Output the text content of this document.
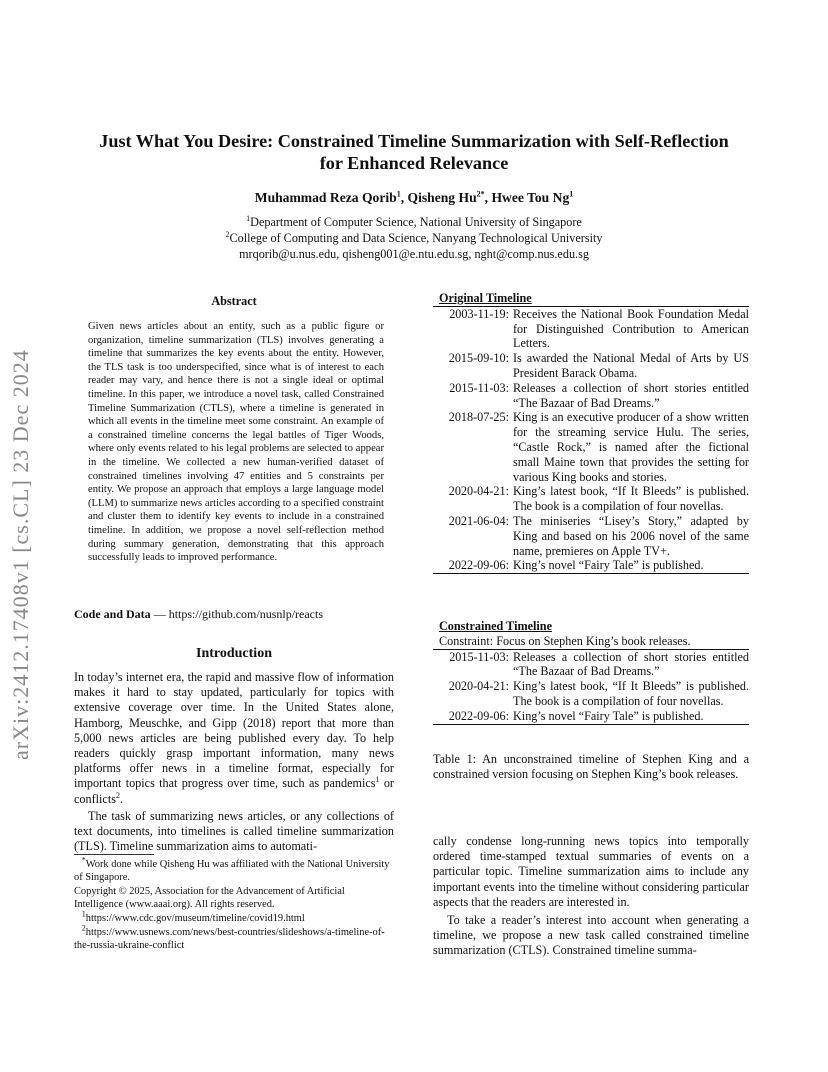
arXiv:2412.17408v1 [cs.CL] 23 Dec 2024
Just What You Desire: Constrained Timeline Summarization with Self-Reflection
for Enhanced Relevance
Muhammad Reza Qorib$^1$, Qisheng $Hu^{2*}$, Hwee Tou Ng$^1$
$^1$Department of Computer Science, National University of Singapore
$^2$College of Computing and Data Science, Nanyang Technological University
mrqorib@u.nus.edu, qisheng001@e.ntu.edu.sg, nght@comp.nus.edu.sg
Abstract
Given news articles about an entity, such as a public figure or organization, timeline summarization (TLS) involves generating a timeline that summarizes the key events about the entity. However, the TLS task is too underspecified, since what is of interest to each reader may vary, and hence there is not a single ideal or optimal timeline. In this paper, we introduce a novel task, called Constrained Timeline Summarization (CTLS), where a timeline is generated in which all events in the timeline meet some constraint. An example of a constrained timeline concerns the legal battles of Tiger Woods, where only events related to his legal problems are selected to appear in the timeline. We collected a new human-verified dataset of constrained timelines involving 47 entities and 5 constraints per entity. We propose an approach that employs a large language model (LLM) to summarize news articles according to a specified constraint and cluster them to identify key events to include in a constrained timeline. In addition, we propose a novel self-reflection method during summary generation, demonstrating that this approach successfully leads to improved performance.
Code and Data — https://github.com/nusnlp/reacts
Introduction

In today’s internet era, the rapid and massive flow of information makes it hard to stay updated, particularly for topics with extensive coverage over time. In the United States alone, Hamborg, Meuschke, and Gipp (2018) report that more than 5,000 news articles are being published every day. To help readers quickly grasp important information, many news platforms offer news in a timeline format, especially for important topics that progress over time, such as pandemics$^1$ or conflicts$^2$.

The task of summarizing news articles, or any collections of text documents, into timelines is called timeline summarization (TLS). Timeline summarization aims to automati-

*Work done while Qisheng Hu was affiliated with the National University of Singapore.
Copyright © 2025, Association for the Advancement of Artificial Intelligence (www.aaai.org). All rights reserved.
$^1$https://www.cdc.gov/museum/timeline/covid19.html
$^2$https://www.usnews.com/news/best-countries/slideshows/a-timeline-of-the-russia-ukraine-conflict
Original Timeline
2003-11-19: Receives the National Book Foundation Medal for Distinguished Contribution to American Letters.
2015-09-10: Is awarded the National Medal of Arts by US President Barack Obama.
2015-11-03: Releases a collection of short stories entitled “The Bazaar of Bad Dreams.”
2018-07-25: King is an executive producer of a show written for the streaming service Hulu. The series, “Castle Rock,” is named after the fictional small Maine town that provides the setting for various King books and stories.
2020-04-21: King’s latest book, “If It Bleeds” is published. The book is a compilation of four novellas.
2021-06-04: The miniseries “Lisey’s Story,” adapted by King and based on his 2006 novel of the same name, premieres on Apple TV+.
2022-09-06: King’s novel “Fairy Tale” is published.
Constrained Timeline
Constraint: Focus on Stephen King’s book releases.
2015-11-03: Releases a collection of short stories entitled “The Bazaar of Bad Dreams.”
2020-04-21: King’s latest book, “If It Bleeds” is published. The book is a compilation of four novellas.
2022-09-06: King’s novel “Fairy Tale” is published.
Table 1: An unconstrained timeline of Stephen King and a constrained version focusing on Stephen King’s book releases.

cally condense long-running news topics into temporally ordered time-stamped textual summaries of events on a particular topic. Timeline summarization aims to include any important events into the timeline without considering particular aspects that the readers are interested in.

To take a reader’s interest into account when generating a timeline, we propose a new task called constrained timeline summarization (CTLS). Constrained timeline summa-
